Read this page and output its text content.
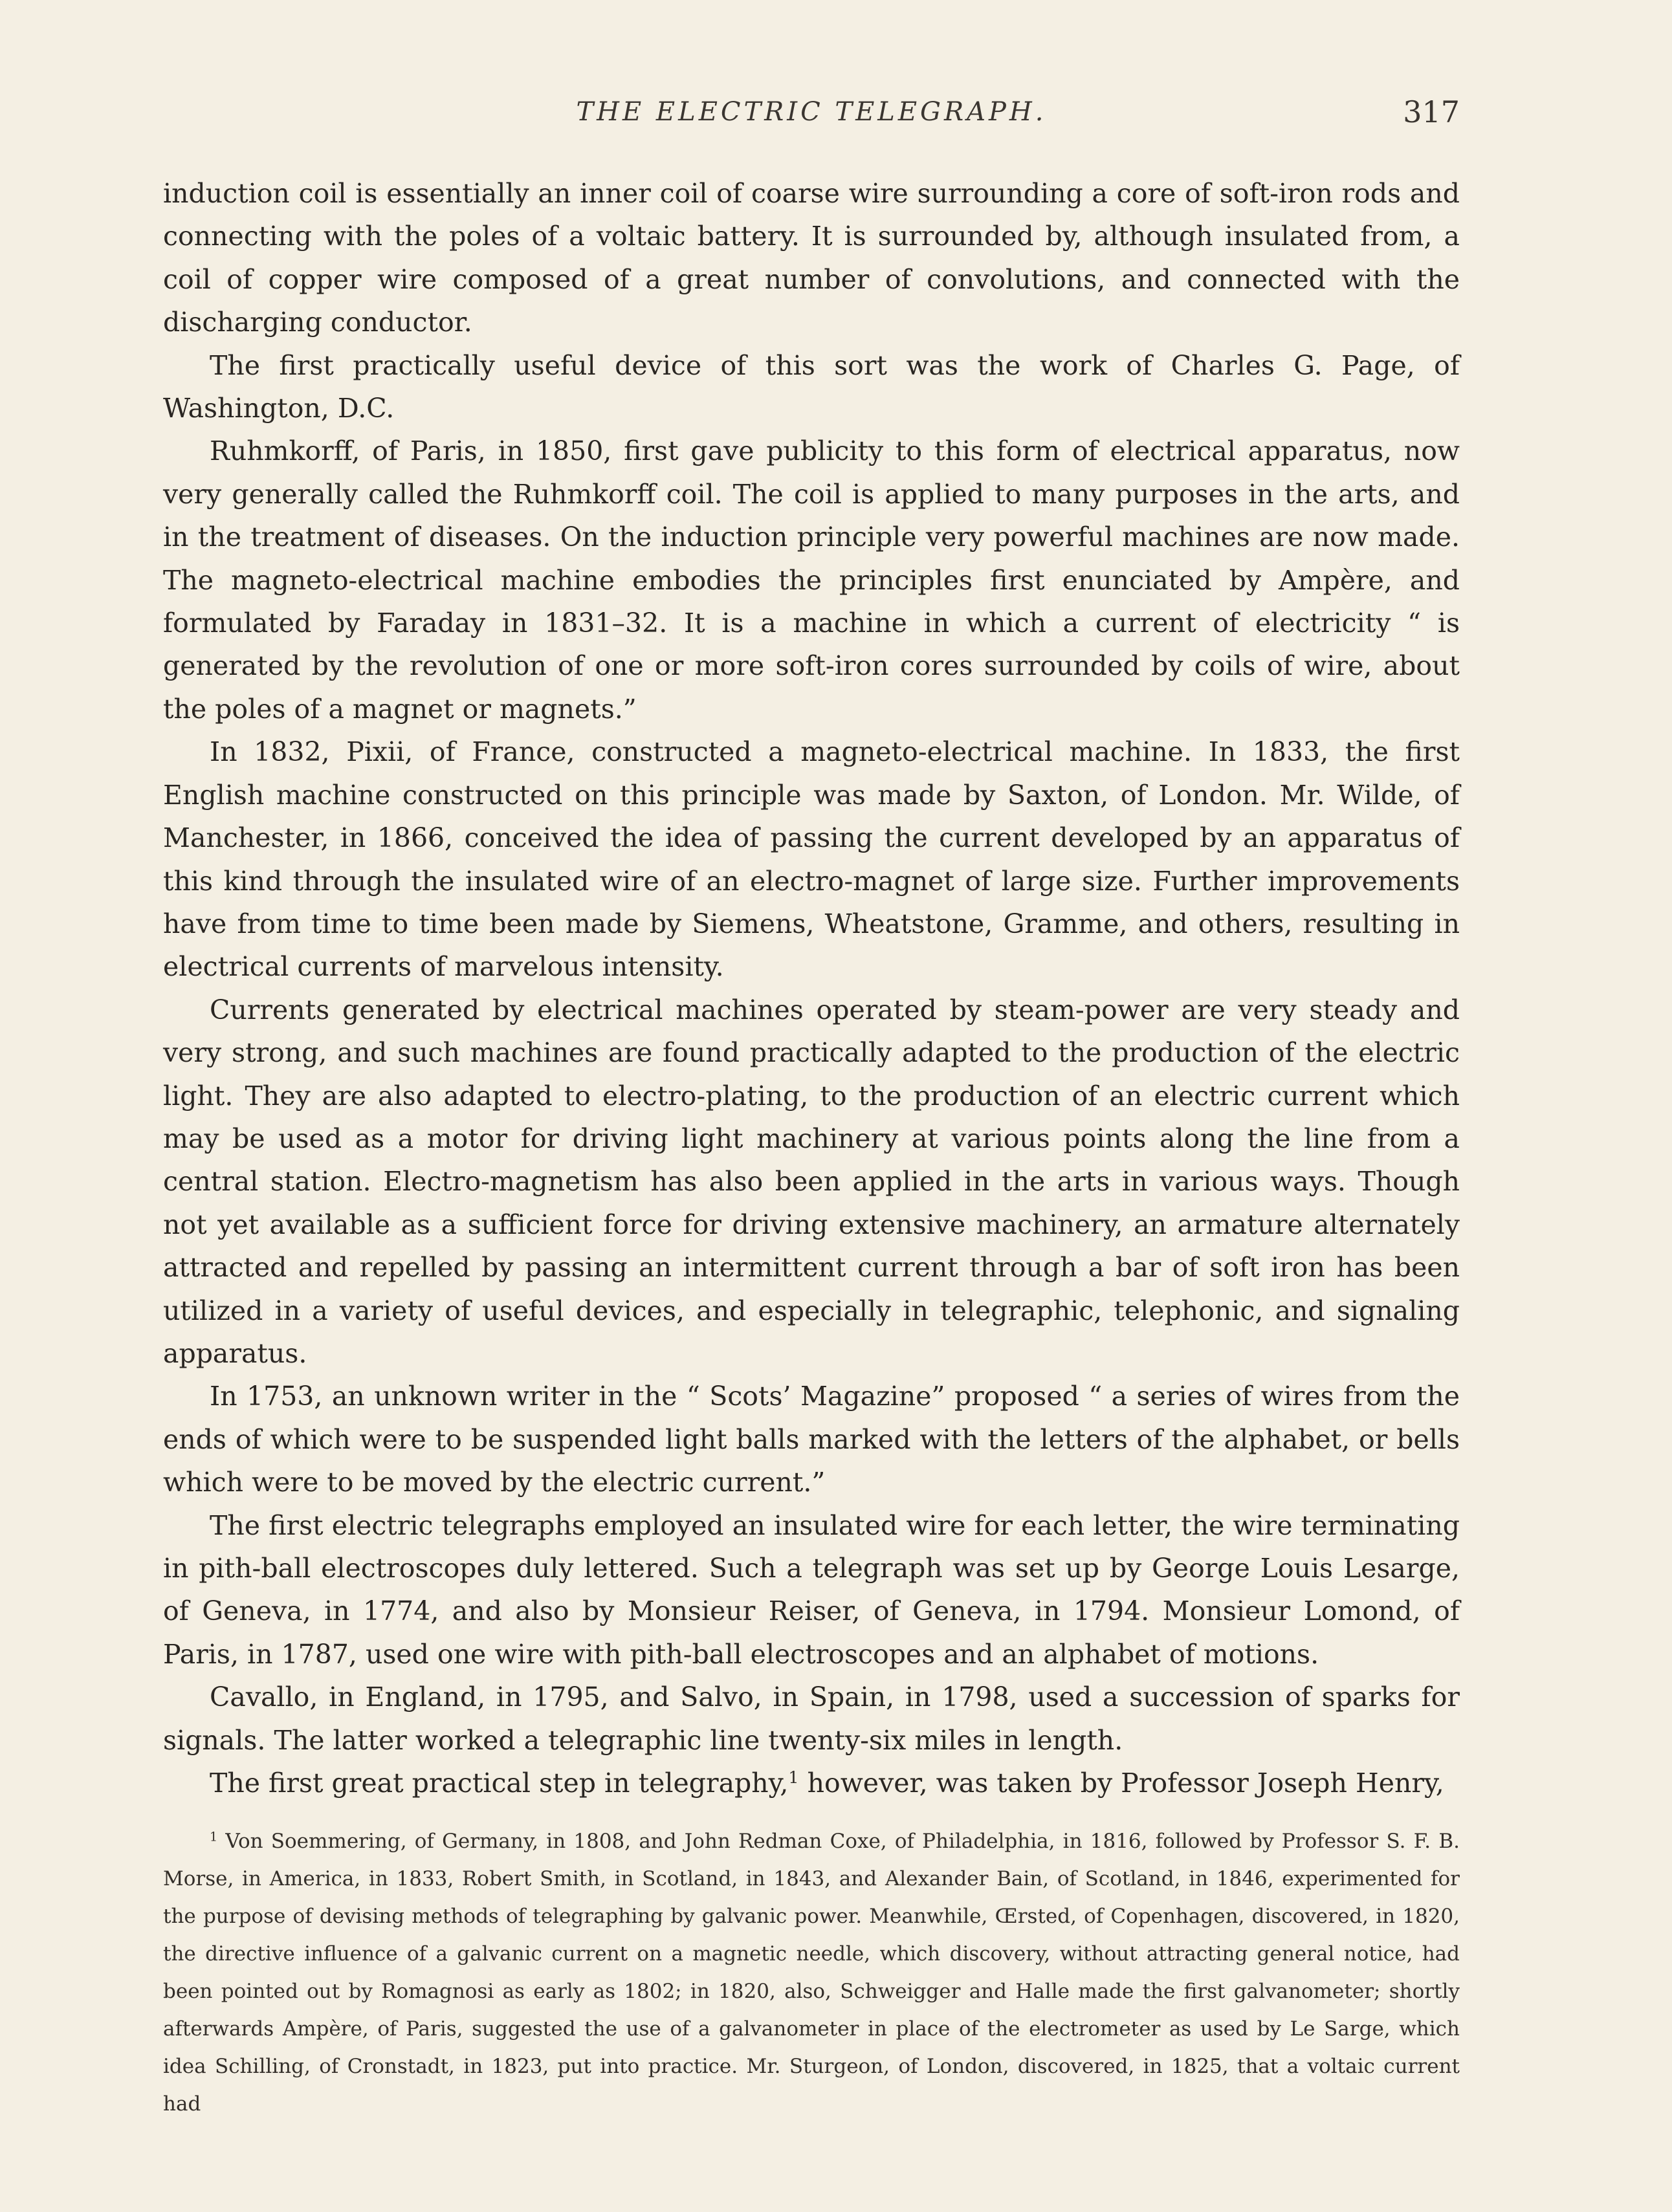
THE ELECTRIC TELEGRAPH.	317

induction coil is essentially an inner coil of coarse wire surrounding a core of soft-iron rods and connecting with the poles of a voltaic battery. It is surrounded by, although insulated from, a coil of copper wire composed of a great number of convolutions, and connected with the discharging conductor.

The first practically useful device of this sort was the work of Charles G. Page, of Washington, D.C.

Ruhmkorff, of Paris, in 1850, first gave publicity to this form of electrical apparatus, now very generally called the Ruhmkorff coil. The coil is applied to many purposes in the arts, and in the treatment of diseases. On the induction principle very powerful machines are now made. The magneto-electrical machine embodies the principles first enunciated by Ampère, and formulated by Faraday in 1831–32. It is a machine in which a current of electricity “ is generated by the revolution of one or more soft-iron cores surrounded by coils of wire, about the poles of a magnet or magnets.”

In 1832, Pixii, of France, constructed a magneto-electrical machine. In 1833, the first English machine constructed on this principle was made by Saxton, of London. Mr. Wilde, of Manchester, in 1866, conceived the idea of passing the current developed by an apparatus of this kind through the insulated wire of an electro-magnet of large size. Further improvements have from time to time been made by Siemens, Wheatstone, Gramme, and others, resulting in electrical currents of marvelous intensity.

Currents generated by electrical machines operated by steam-power are very steady and very strong, and such machines are found practically adapted to the production of the electric light. They are also adapted to electro-plating, to the production of an electric current which may be used as a motor for driving light machinery at various points along the line from a central station. Electro-magnetism has also been applied in the arts in various ways. Though not yet available as a sufficient force for driving extensive machinery, an armature alternately attracted and repelled by passing an intermittent current through a bar of soft iron has been utilized in a variety of useful devices, and especially in telegraphic, telephonic, and signaling apparatus.

In 1753, an unknown writer in the “ Scots’ Magazine” proposed “ a series of wires from the ends of which were to be suspended light balls marked with the letters of the alphabet, or bells which were to be moved by the electric current.”

The first electric telegraphs employed an insulated wire for each letter, the wire terminating in pith-ball electroscopes duly lettered. Such a telegraph was set up by George Louis Lesarge, of Geneva, in 1774, and also by Monsieur Reiser, of Geneva, in 1794. Monsieur Lomond, of Paris, in 1787, used one wire with pith-ball electroscopes and an alphabet of motions.

Cavallo, in England, in 1795, and Salvo, in Spain, in 1798, used a succession of sparks for signals. The latter worked a telegraphic line twenty-six miles in length.

The first great practical step in telegraphy,$^1$ however, was taken by Professor Joseph Henry,

$^1$ Von Soemmering, of Germany, in 1808, and John Redman Coxe, of Philadelphia, in 1816, followed by Professor S. F. B. Morse, in America, in 1833, Robert Smith, in Scotland, in 1843, and Alexander Bain, of Scotland, in 1846, experimented for the purpose of devising methods of telegraphing by galvanic power. Meanwhile, Œrsted, of Copenhagen, discovered, in 1820, the directive influence of a galvanic current on a magnetic needle, which discovery, without attracting general notice, had been pointed out by Romagnosi as early as 1802; in 1820, also, Schweigger and Halle made the first galvanometer; shortly afterwards Ampère, of Paris, suggested the use of a galvanometer in place of the electrometer as used by Le Sarge, which idea Schilling, of Cronstadt, in 1823, put into practice. Mr. Sturgeon, of London, discovered, in 1825, that a voltaic current had
